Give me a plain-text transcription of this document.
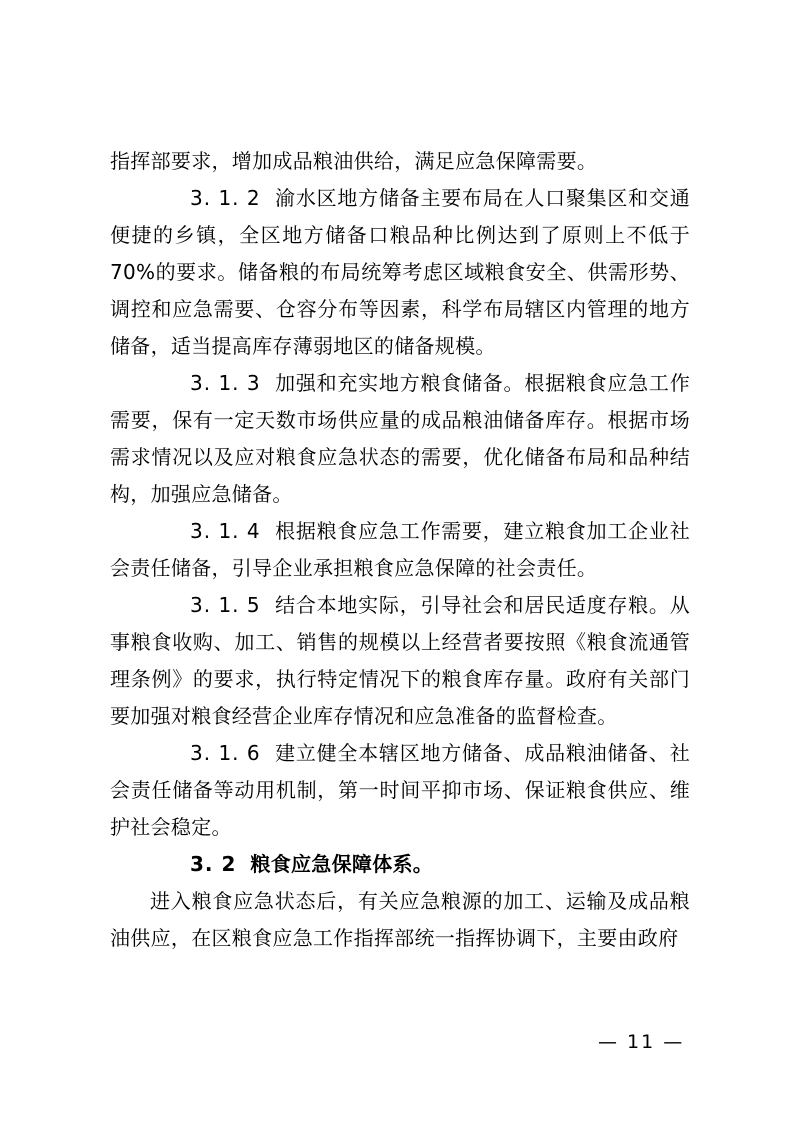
指挥部要求，增加成品粮油供给，满足应急保障需要。

3. 1. 2 渝水区地方储备主要布局在人口聚集区和交通便捷的乡镇，全区地方储备口粮品种比例达到了原则上不低于 70%的要求。储备粮的布局统筹考虑区域粮食安全、供需形势、调控和应急需要、仓容分布等因素，科学布局辖区内管理的地方储备，适当提高库存薄弱地区的储备规模。

3. 1. 3 加强和充实地方粮食储备。根据粮食应急工作需要，保有一定天数市场供应量的成品粮油储备库存。根据市场需求情况以及应对粮食应急状态的需要，优化储备布局和品种结构，加强应急储备。

3. 1. 4 根据粮食应急工作需要，建立粮食加工企业社会责任储备，引导企业承担粮食应急保障的社会责任。

3. 1. 5 结合本地实际，引导社会和居民适度存粮。从事粮食收购、加工、销售的规模以上经营者要按照《粮食流通管理条例》的要求，执行特定情况下的粮食库存量。政府有关部门要加强对粮食经营企业库存情况和应急准备的监督检查。

3. 1. 6 建立健全本辖区地方储备、成品粮油储备、社会责任储备等动用机制，第一时间平抑市场、保证粮食供应、维护社会稳定。

3. 2 粮食应急保障体系。

进入粮食应急状态后，有关应急粮源的加工、运输及成品粮油供应，在区粮食应急工作指挥部统一指挥协调下，主要由政府

— 11 —
